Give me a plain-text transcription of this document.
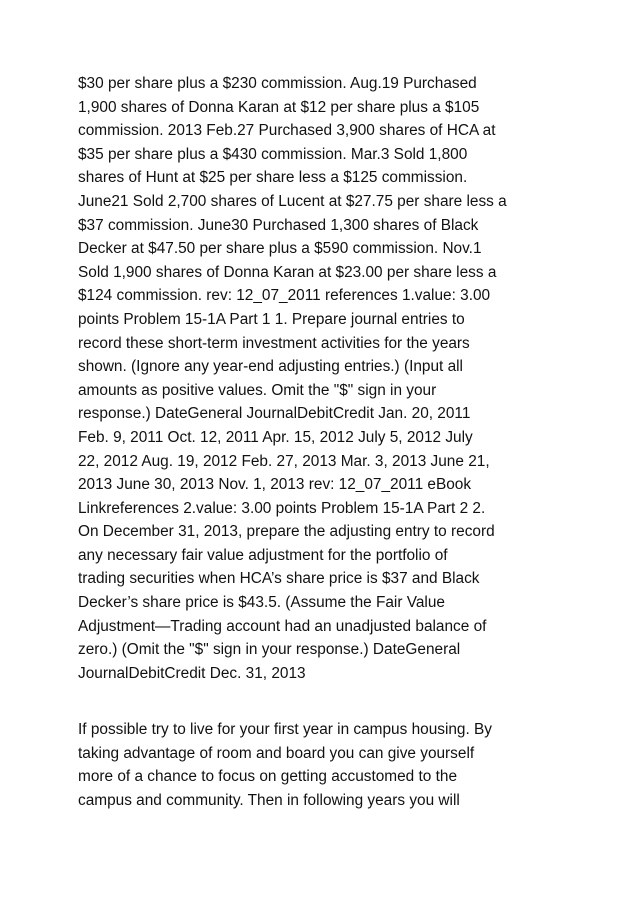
$30 per share plus a $230 commission. Aug.19 Purchased
1,900 shares of Donna Karan at $12 per share plus a $105
commission. 2013 Feb.27 Purchased 3,900 shares of HCA at
$35 per share plus a $430 commission. Mar.3 Sold 1,800
shares of Hunt at $25 per share less a $125 commission.
June21 Sold 2,700 shares of Lucent at $27.75 per share less a
$37 commission. June30 Purchased 1,300 shares of Black
Decker at $47.50 per share plus a $590 commission. Nov.1
Sold 1,900 shares of Donna Karan at $23.00 per share less a
$124 commission. rev: 12_07_2011 references 1.value: 3.00
points Problem 15-1A Part 1 1. Prepare journal entries to
record these short-term investment activities for the years
shown. (Ignore any year-end adjusting entries.) (Input all
amounts as positive values. Omit the "$" sign in your
response.) DateGeneral JournalDebitCredit Jan. 20, 2011
Feb. 9, 2011 Oct. 12, 2011 Apr. 15, 2012 July 5, 2012 July
22, 2012 Aug. 19, 2012 Feb. 27, 2013 Mar. 3, 2013 June 21,
2013 June 30, 2013 Nov. 1, 2013 rev: 12_07_2011 eBook
Linkreferences 2.value: 3.00 points Problem 15-1A Part 2 2.
On December 31, 2013, prepare the adjusting entry to record
any necessary fair value adjustment for the portfolio of
trading securities when HCA’s share price is $37 and Black
Decker’s share price is $43.5. (Assume the Fair Value
Adjustment—Trading account had an unadjusted balance of
zero.) (Omit the "$" sign in your response.) DateGeneral
JournalDebitCredit Dec. 31, 2013
If possible try to live for your first year in campus housing. By
taking advantage of room and board you can give yourself
more of a chance to focus on getting accustomed to the
campus and community. Then in following years you will
